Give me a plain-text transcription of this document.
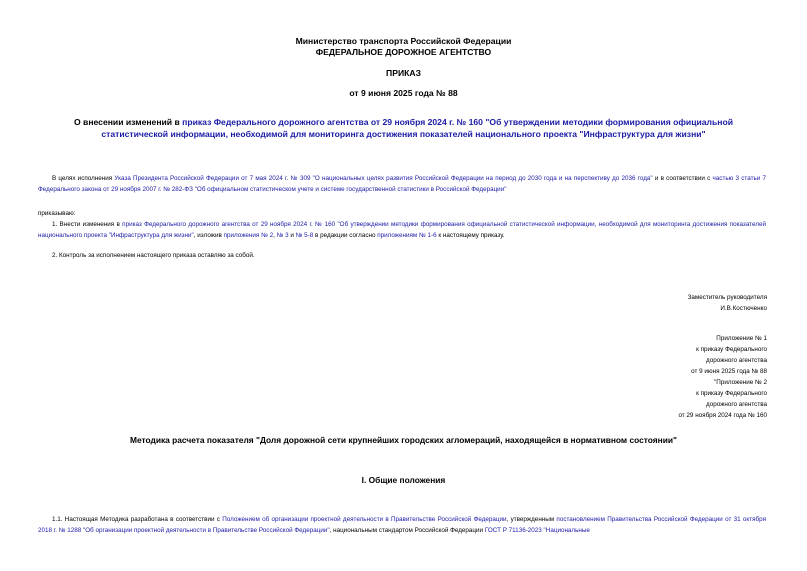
Министерство транспорта Российской Федерации
ФЕДЕРАЛЬНОЕ ДОРОЖНОЕ АГЕНТСТВО
ПРИКАЗ
от 9 июня 2025 года № 88
О внесении изменений в приказ Федерального дорожного агентства от 29 ноября 2024 г. № 160 "Об утверждении методики формирования официальной статистической информации, необходимой для мониторинга достижения показателей национального проекта "Инфраструктура для жизни"
В целях исполнения Указа Президента Российской Федерации от 7 мая 2024 г. № 309 "О национальных целях развития Российской Федерации на период до 2030 года и на перспективу до 2036 года" и в соответствии с частью 3 статьи 7 Федерального закона от 29 ноября 2007 г. № 282-ФЗ "Об официальном статистическом учете и системе государственной статистики в Российской Федерации"
приказываю:
1. Внести изменения в приказ Федерального дорожного агентства от 29 ноября 2024 г. № 160 "Об утверждении методики формирования официальной статистической информации, необходимой для мониторинга достижения показателей национального проекта "Инфраструктура для жизни", изложив приложения № 2, № 3 и № 5-8 в редакции согласно приложениям № 1-6 к настоящему приказу.
2. Контроль за исполнением настоящего приказа оставляю за собой.
Заместитель руководителя
И.В.Костюченко
Приложение № 1
к приказу Федерального
дорожного агентства
от 9 июня 2025 года № 88
"Приложение № 2
к приказу Федерального
дорожного агентства
от 29 ноября 2024 года № 160
Методика расчета показателя "Доля дорожной сети крупнейших городских агломераций, находящейся в нормативном состоянии"
I. Общие положения
1.1. Настоящая Методика разработана в соответствии с Положением об организации проектной деятельности в Правительстве Российской Федерации, утвержденным постановлением Правительства Российской Федерации от 31 октября 2018 г. № 1288 "Об организации проектной деятельности в Правительстве Российской Федерации", национальным стандартом Российской Федерации ГОСТ Р 71136-2023 "Национальные
